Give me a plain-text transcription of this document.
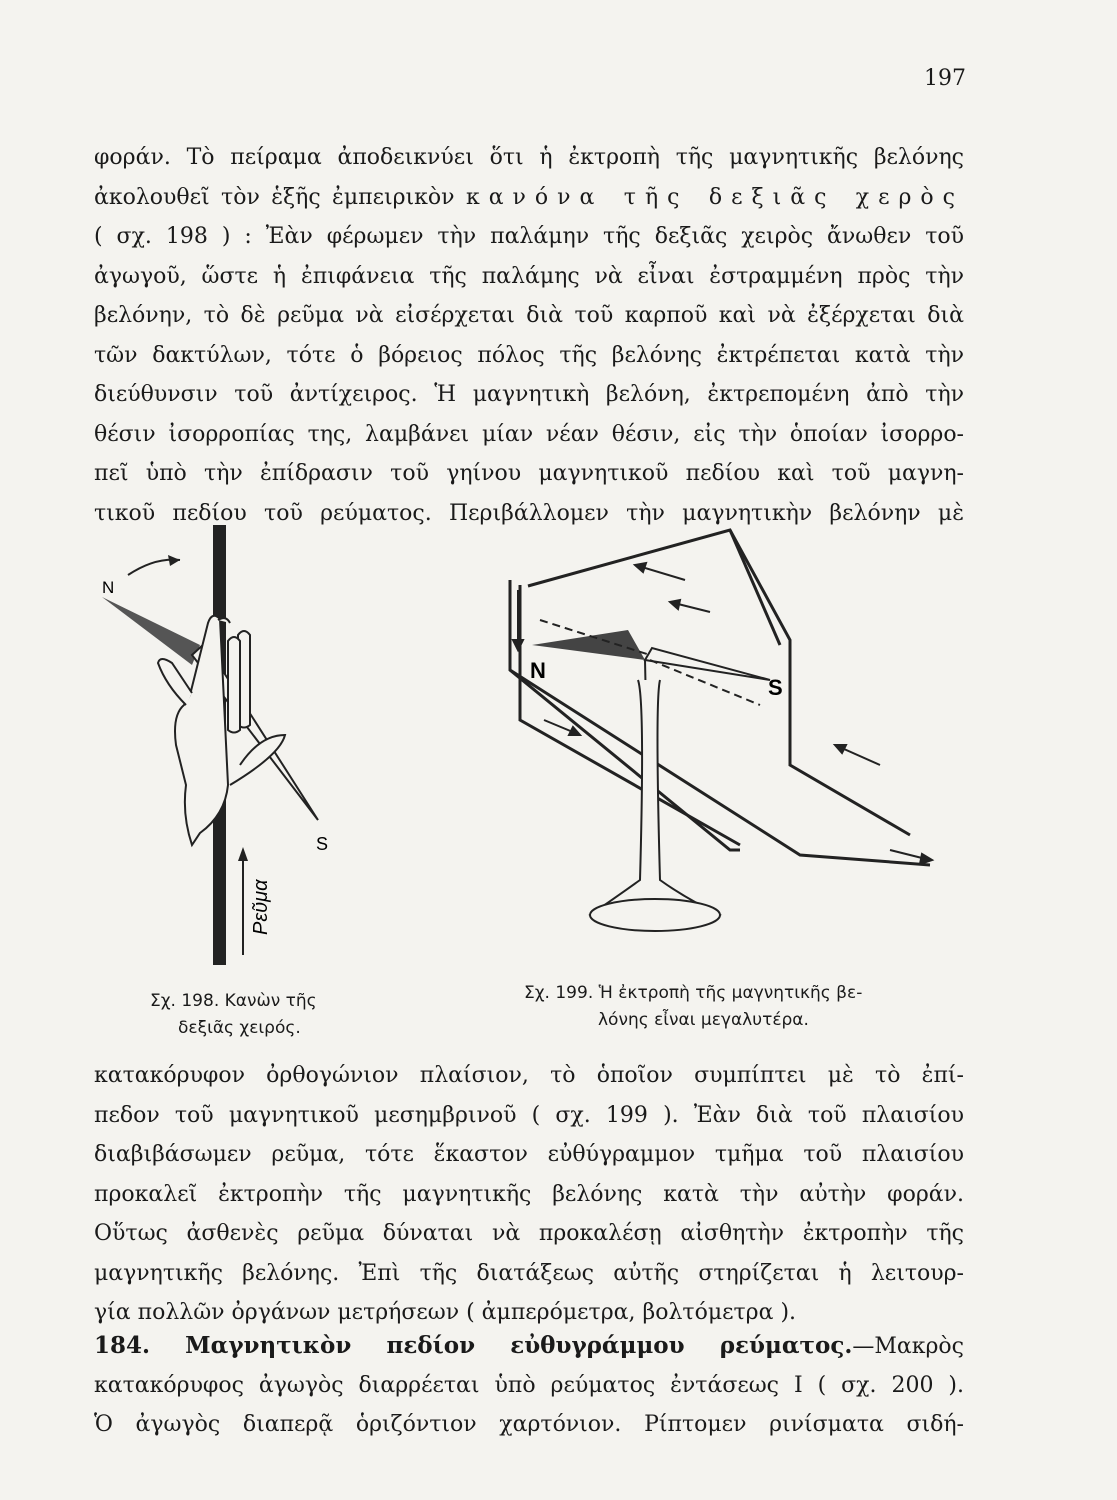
197
φοράν. Τὸ πείραμα ἀποδεικνύει ὅτι ἡ ἐκτροπὴ τῆς μαγνητικῆς βελόνης
ἀκολουθεῖ τὸν ἑξῆς ἐμπειρικὸν κανόνα τῆς δεξιᾶς χερὸς
( σχ. 198 ) : Ἐὰν φέρωμεν τὴν παλάμην τῆς δεξιᾶς χειρὸς ἄνωθεν τοῦ
ἀγωγοῦ, ὥστε ἡ ἐπιφάνεια τῆς παλάμης νὰ εἶναι ἐστραμμένη πρὸς τὴν
βελόνην, τὸ δὲ ρεῦμα νὰ εἰσέρχεται διὰ τοῦ καρποῦ καὶ νὰ ἐξέρχεται διὰ
τῶν δακτύλων, τότε ὁ βόρειος πόλος τῆς βελόνης ἐκτρέπεται κατὰ τὴν
διεύθυνσιν τοῦ ἀντίχειρος. Ἡ μαγνητικὴ βελόνη, ἐκτρεπομένη ἀπὸ τὴν
θέσιν ἰσορροπίας της, λαμβάνει μίαν νέαν θέσιν, εἰς τὴν ὁποίαν ἰσορρο-
πεῖ ὑπὸ τὴν ἐπίδρασιν τοῦ γηίνου μαγνητικοῦ πεδίου καὶ τοῦ μαγνη-
τικοῦ πεδίου τοῦ ρεύματος. Περιβάλλομεν τὴν μαγνητικὴν βελόνην μὲ
N
S
Ρεῦμα
Σχ. 198. Κανὼν τῆς
δεξιᾶς χειρός.
N
S
Σχ. 199. Ἡ ἐκτροπὴ τῆς μαγνητικῆς βε-
λόνης εἶναι μεγαλυτέρα.
κατακόρυφον ὀρθογώνιον πλαίσιον, τὸ ὁποῖον συμπίπτει μὲ τὸ ἐπί-
πεδον τοῦ μαγνητικοῦ μεσημβρινοῦ ( σχ. 199 ). Ἐὰν διὰ τοῦ πλαισίου
διαβιβάσωμεν ρεῦμα, τότε ἕκαστον εὐθύγραμμον τμῆμα τοῦ πλαισίου
προκαλεῖ ἐκτροπὴν τῆς μαγνητικῆς βελόνης κατὰ τὴν αὐτὴν φοράν.
Οὕτως ἀσθενὲς ρεῦμα δύναται νὰ προκαλέσῃ αἰσθητὴν ἐκτροπὴν τῆς
μαγνητικῆς βελόνης. Ἐπὶ τῆς διατάξεως αὐτῆς στηρίζεται ἡ λειτουρ-
γία πολλῶν ὀργάνων μετρήσεων ( ἀμπερόμετρα, βολτόμετρα ).
184. Μαγνητικὸν πεδίον εὐθυγράμμου ρεύματος.—Μακρὸς
κατακόρυφος ἀγωγὸς διαρρέεται ὑπὸ ρεύματος ἐντάσεως Ι ( σχ. 200 ).
Ὁ ἀγωγὸς διαπερᾷ ὁριζόντιον χαρτόνιον. Ρίπτομεν ρινίσματα σιδή-
